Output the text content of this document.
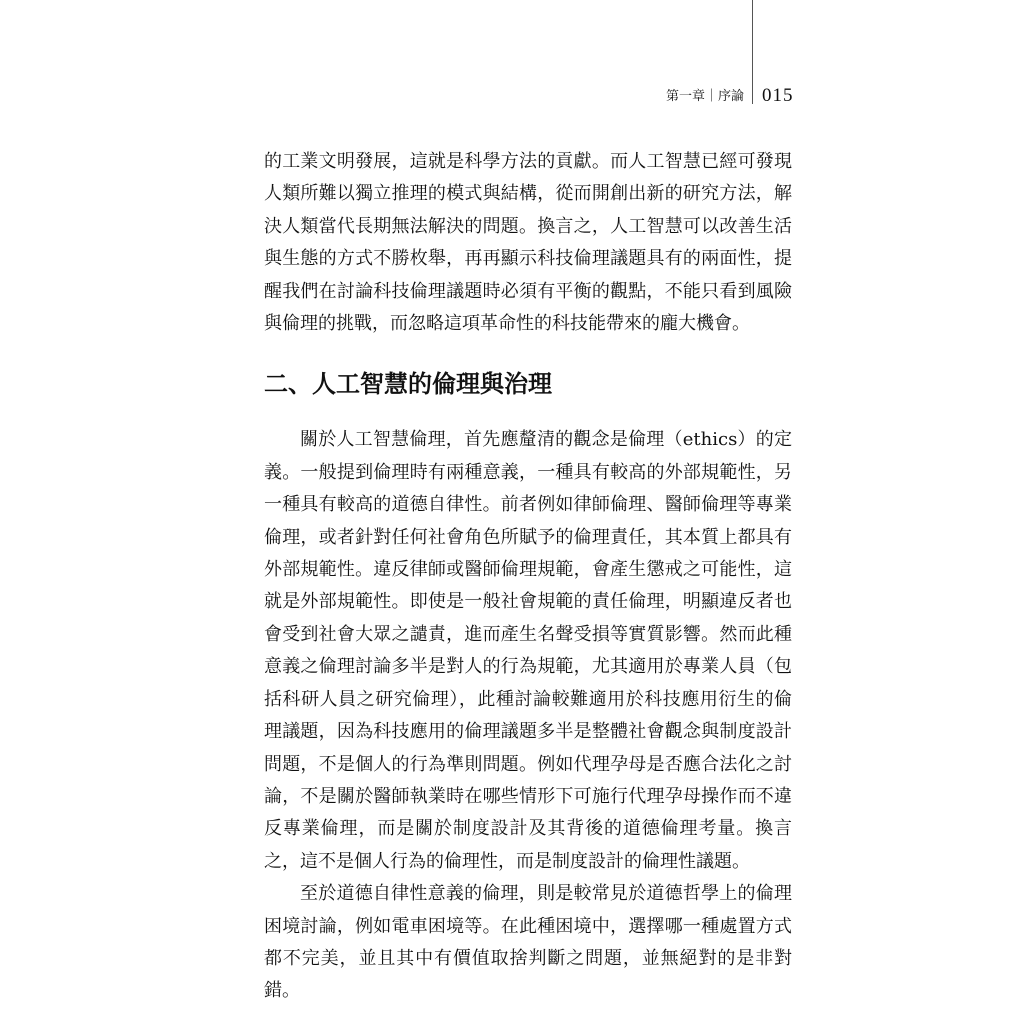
第一章｜序論 015

的工業文明發展，這就是科學方法的貢獻。而人工智慧已經可發現人類所難以獨立推理的模式與結構，從而開創出新的研究方法，解決人類當代長期無法解決的問題。換言之，人工智慧可以改善生活與生態的方式不勝枚舉，再再顯示科技倫理議題具有的兩面性，提醒我們在討論科技倫理議題時必須有平衡的觀點，不能只看到風險與倫理的挑戰，而忽略這項革命性的科技能帶來的龐大機會。

二、人工智慧的倫理與治理

關於人工智慧倫理，首先應釐清的觀念是倫理（ethics）的定義。一般提到倫理時有兩種意義，一種具有較高的外部規範性，另一種具有較高的道德自律性。前者例如律師倫理、醫師倫理等專業倫理，或者針對任何社會角色所賦予的倫理責任，其本質上都具有外部規範性。違反律師或醫師倫理規範，會產生懲戒之可能性，這就是外部規範性。即使是一般社會規範的責任倫理，明顯違反者也會受到社會大眾之譴責，進而產生名聲受損等實質影響。然而此種意義之倫理討論多半是對人的行為規範，尤其適用於專業人員（包括科研人員之研究倫理），此種討論較難適用於科技應用衍生的倫理議題，因為科技應用的倫理議題多半是整體社會觀念與制度設計問題，不是個人的行為準則問題。例如代理孕母是否應合法化之討論，不是關於醫師執業時在哪些情形下可施行代理孕母操作而不違反專業倫理，而是關於制度設計及其背後的道德倫理考量。換言之，這不是個人行為的倫理性，而是制度設計的倫理性議題。

至於道德自律性意義的倫理，則是較常見於道德哲學上的倫理困境討論，例如電車困境等。在此種困境中，選擇哪一種處置方式都不完美，並且其中有價值取捨判斷之問題，並無絕對的是非對錯。
